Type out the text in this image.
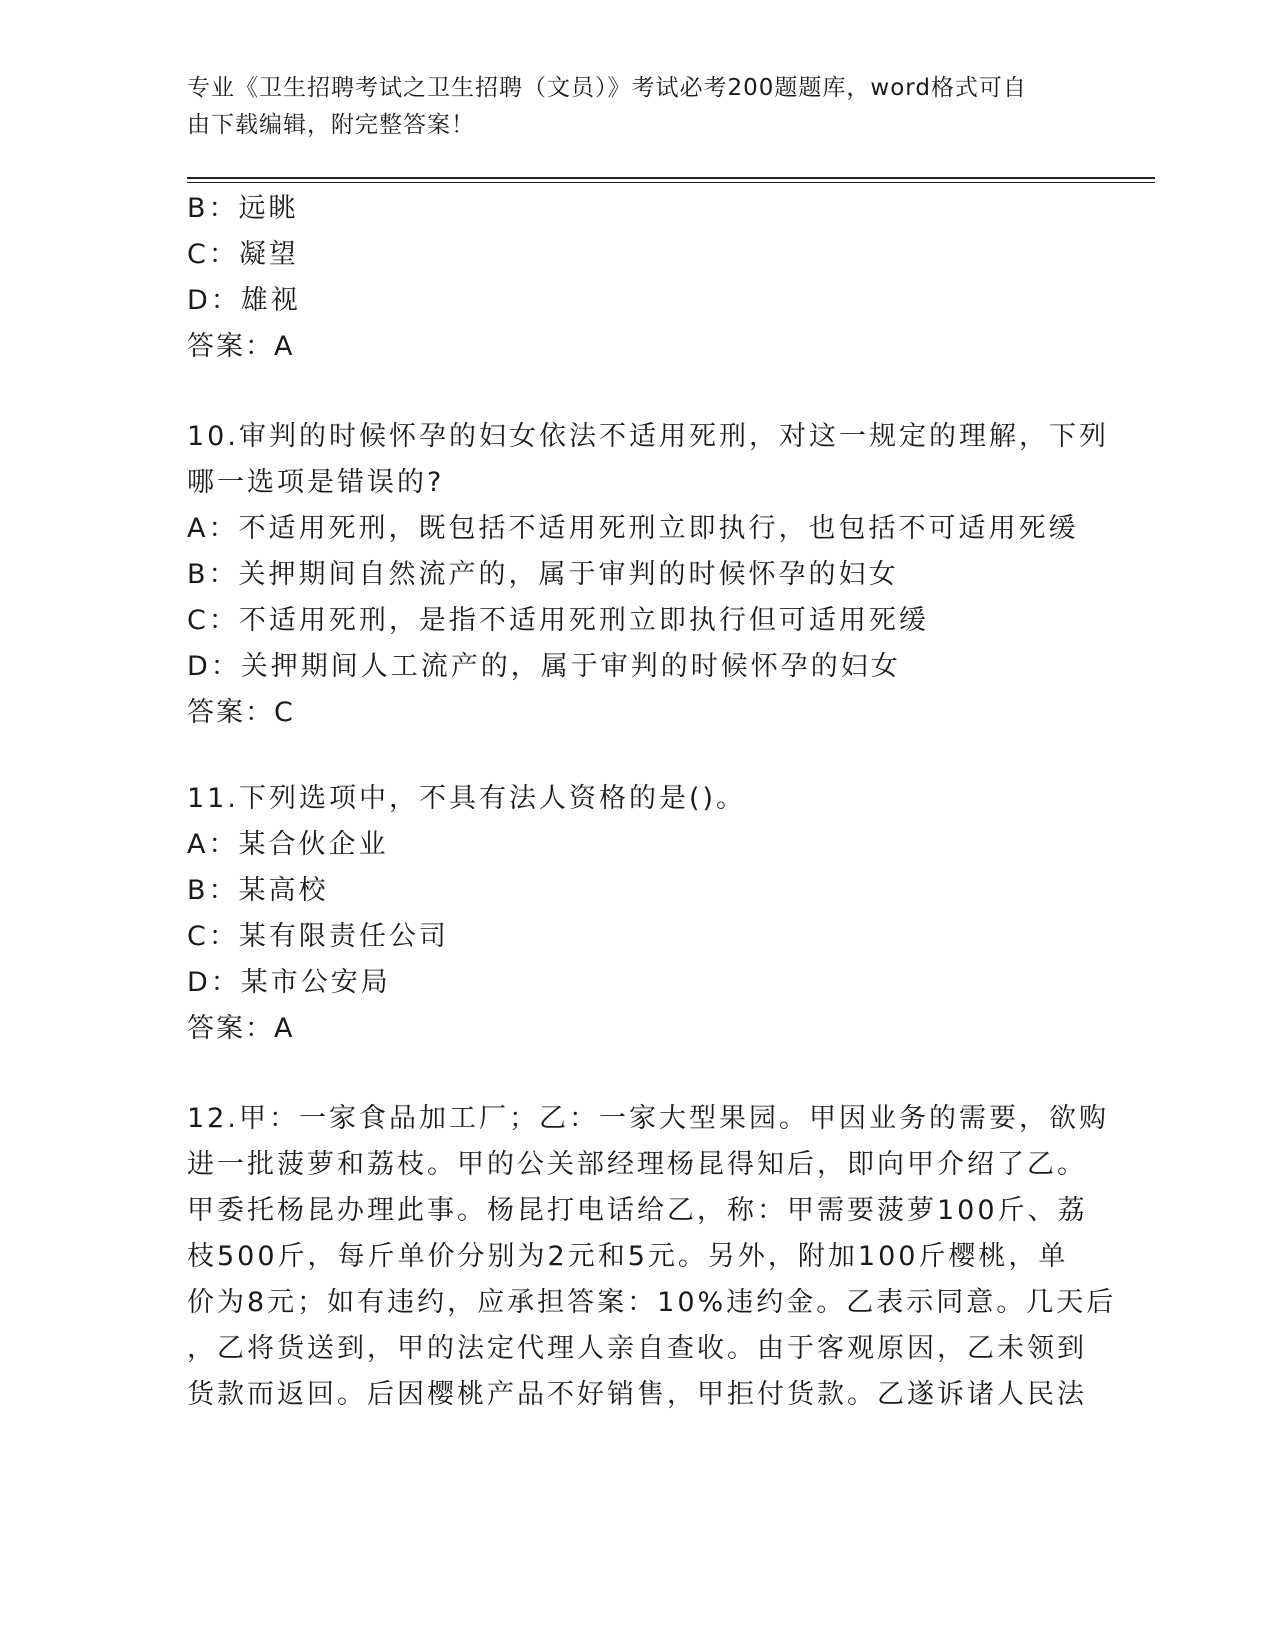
专业《卫生招聘考试之卫生招聘（文员）》考试必考200题题库，word格式可自
由下载编辑，附完整答案！
B：远眺
C：凝望
D：雄视
答案：A
10.审判的时候怀孕的妇女依法不适用死刑，对这一规定的理解，下列
哪一选项是错误的?
A：不适用死刑，既包括不适用死刑立即执行，也包括不可适用死缓
B：关押期间自然流产的，属于审判的时候怀孕的妇女
C：不适用死刑，是指不适用死刑立即执行但可适用死缓
D：关押期间人工流产的，属于审判的时候怀孕的妇女
答案：C
11.下列选项中，不具有法人资格的是()。
A：某合伙企业
B：某高校
C：某有限责任公司
D：某市公安局
答案：A
12.甲：一家食品加工厂；乙：一家大型果园。甲因业务的需要，欲购
进一批菠萝和荔枝。甲的公关部经理杨昆得知后，即向甲介绍了乙。
甲委托杨昆办理此事。杨昆打电话给乙，称：甲需要菠萝100斤、荔
枝500斤，每斤单价分别为2元和5元。另外，附加100斤樱桃，单
价为8元；如有违约，应承担答案：10%违约金。乙表示同意。几天后
，乙将货送到，甲的法定代理人亲自查收。由于客观原因，乙未领到
货款而返回。后因樱桃产品不好销售，甲拒付货款。乙遂诉诸人民法
